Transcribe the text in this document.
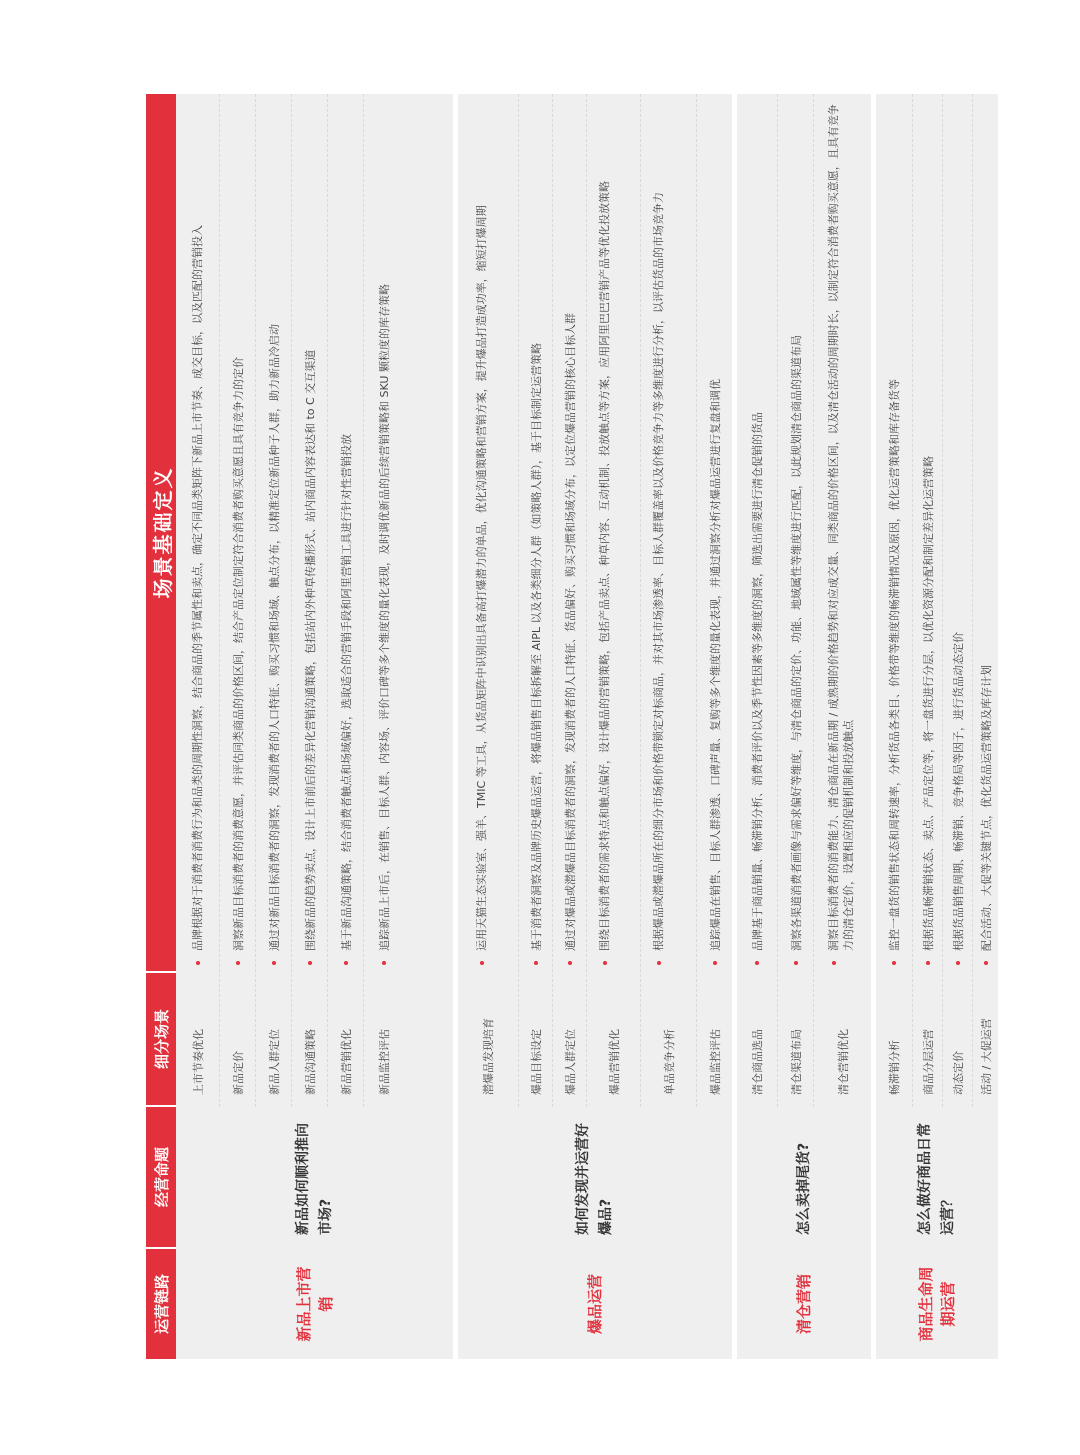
运营链路
经营命题
细分场景
场景基础定义
新品上市营销
新品如何顺利推向市场?
上市节奏优化
品牌根据对于消费者消费行为和品类的周期性洞察，结合商品的季节属性和卖点，确定不同品类矩阵下新品上市节奏、成交目标，以及匹配的营销投入
新品定价
洞察新品目标消费者的消费意愿，并评估同类商品的价格区间，结合产品定位制定符合消费者购买意愿且具有竞争力的定价
新品人群定位
通过对新品目标消费者的洞察，发现消费者的人口特征、购买习惯和场域、触点分布，以精准定位新品种子人群，助力新品冷启动
新品沟通策略
围绕新品的趋势卖点，设计上市前后的差异化营销沟通策略，包括站内外种草传播形式、站内商品内容表达和 to C 交互渠道
新品营销优化
基于新品沟通策略，结合消费者触点和场域偏好，选取适合的营销手段和阿里营销工具进行针对性营销投放
新品监控评估
追踪新品上市后，在销售、目标人群、内容场、评价口碑等多个维度的量化表现，及时调优新品的后续营销策略和 SKU 颗粒度的库存策略
爆品运营
如何发现并运营好爆品?
潜爆品发现培育
运用天猫生态实验室、强羊、TMIC 等工具，从货品矩阵中识别出具备高打爆潜力的单品，优化沟通策略和营销方案，提升爆品打造成功率，缩短打爆周期
爆品目标设定
基于消费者洞察及品牌历史爆品运营，将爆品销售目标拆解至 AIPL 以及各类细分人群（如策略人群），基于目标制定运营策略
爆品人群定位
通过对爆品或潜爆品目标消费者的洞察，发现消费者的人口特征、货品偏好、购买习惯和场域分布，以定位爆品营销的核心目标人群
爆品营销优化
围绕目标消费者的需求特点和触点偏好，设计爆品的营销策略，包括产品卖点、种草内容、互动机制、投放触点等方案，应用阿里巴巴营销产品等优化投放策略
单品竞争分析
根据爆品或潜爆品所在的细分市场和价格带锁定对标商品，并对其市场渗透率、目标人群覆盖率以及价格竞争力等多维度进行分析，以评估货品的市场竞争力
爆品监控评估
追踪爆品在销售、目标人群渗透、口碑声量、复购等多个维度的量化表现，并通过洞察分析对爆品运营进行复盘和调优
清仓营销
怎么卖掉尾货?
清仓商品选品
品牌基于商品销量、畅滞销分析、消费者评价以及季节性因素等多维度的洞察，筛选出需要进行清仓促销的货品
清仓渠道布局
洞察各渠道消费者画像与需求偏好等维度，与清仓商品的定价、功能、地域属性等维度进行匹配，以此规划清仓商品的渠道布局
清仓营销优化
洞察目标消费者的消费能力、清仓商品在新品期 / 成熟期的价格趋势和对应成交量、同类商品的价格区间，以及清仓活动的周期时长，以制定符合消费者购买意愿，且具有竞争力的清仓定价，设置相应的促销机制和投放触点
商品生命周期运营
怎么做好商品日常运营？
畅滞销分析
监控一盘货的销售状态和周转速率，分析货品各类目、价格带等维度的畅滞销情况及原因，优化运营策略和库存备货等
商品分层运营
根据货品畅滞销状态、卖点、产品定位等，将一盘货进行分层，以优化资源分配和制定差异化运营策略
动态定价
根据货品销售周期、畅滞销、竞争格局等因子，进行货品动态定价
活动 / 大促运营
配合活动、大促等关键节点，优化货品运营策略及库存计划
